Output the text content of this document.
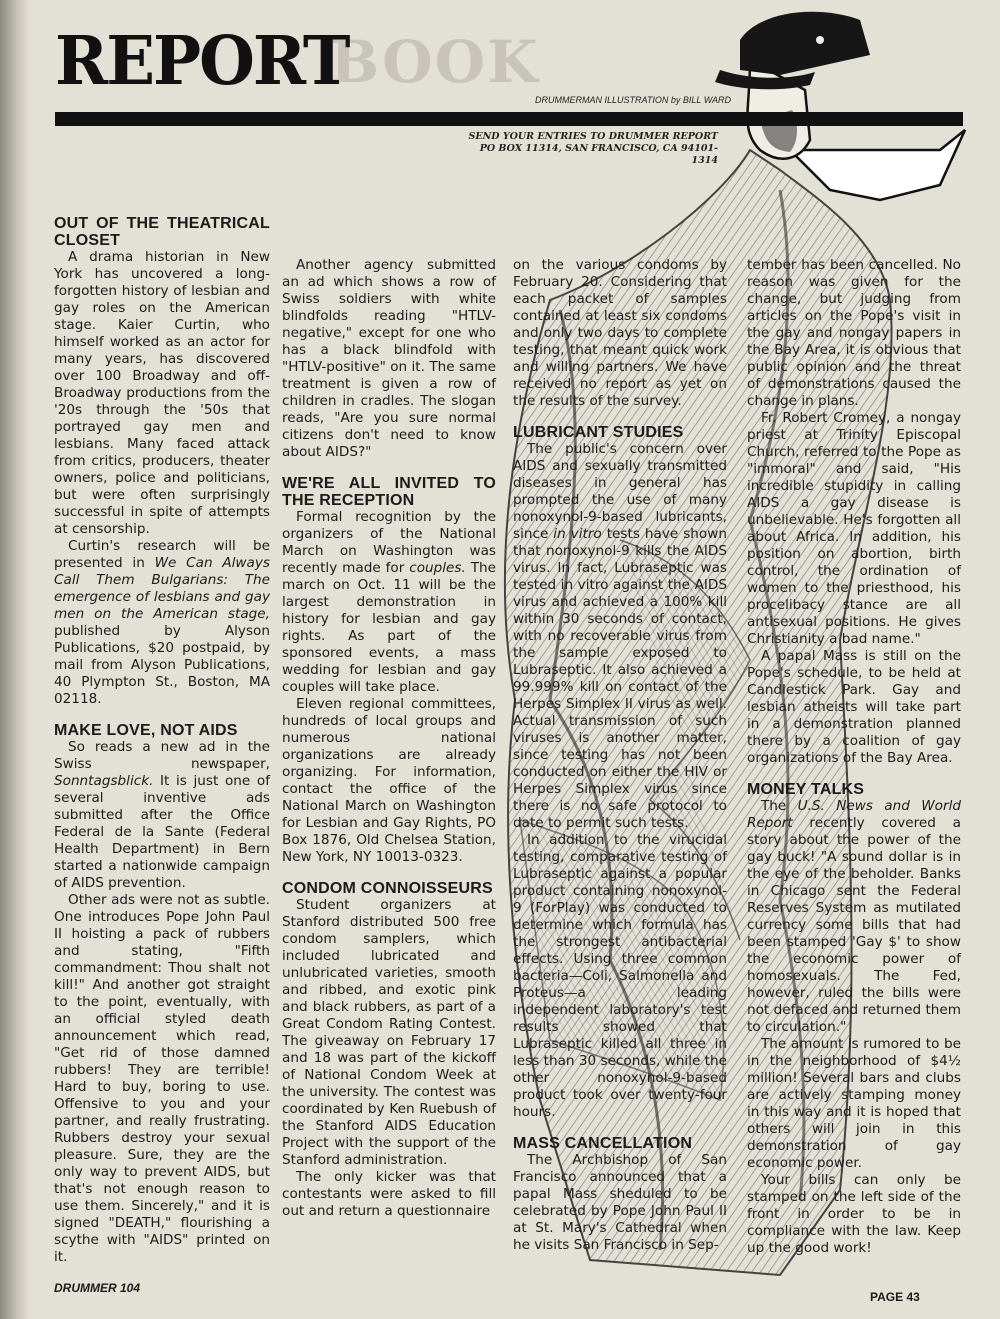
BOOK
REPORT	DRUMMERMAN ILLUSTRATION by BILL WARD
SEND YOUR ENTRIES TO DRUMMER REPORT
PO BOX 11314, SAN FRANCISCO, CA 94101-1314
OUT OF THE THEATRICAL CLOSET

A drama historian in New York has uncovered a long-forgotten history of lesbian and gay roles on the American stage. Kaier Curtin, who himself worked as an actor for many years, has discovered over 100 Broadway and off-Broadway productions from the '20s through the '50s that portrayed gay men and lesbians. Many faced attack from critics, producers, theater owners, police and politicians, but were often surprisingly successful in spite of attempts at censorship.

Curtin's research will be presented in We Can Always Call Them Bulgarians: The emergence of lesbians and gay men on the American stage, published by Alyson Publications, $20 postpaid, by mail from Alyson Publications, 40 Plympton St., Boston, MA 02118.

MAKE LOVE, NOT AIDS

So reads a new ad in the Swiss newspaper, Sonntagsblick. It is just one of several inventive ads submitted after the Office Federal de la Sante (Federal Health Department) in Bern started a nationwide campaign of AIDS prevention.

Other ads were not as subtle. One introduces Pope John Paul II hoisting a pack of rubbers and stating, "Fifth commandment: Thou shalt not kill!" And another got straight to the point, eventually, with an official styled death announcement which read, "Get rid of those damned rubbers! They are terrible! Hard to buy, boring to use. Offensive to you and your partner, and really frustrating. Rubbers destroy your sexual pleasure. Sure, they are the only way to prevent AIDS, but that's not enough reason to use them. Sincerely," and it is signed "DEATH," flourishing a scythe with "AIDS" printed on it.

Another agency submitted an ad which shows a row of Swiss soldiers with white blindfolds reading "HTLV-negative," except for one who has a black blindfold with "HTLV-positive" on it. The same treatment is given a row of children in cradles. The slogan reads, "Are you sure normal citizens don't need to know about AIDS?"

WE'RE ALL INVITED TO THE RECEPTION

Formal recognition by the organizers of the National March on Washington was recently made for couples. The march on Oct. 11 will be the largest demonstration in history for lesbian and gay rights. As part of the sponsored events, a mass wedding for lesbian and gay couples will take place.

Eleven regional committees, hundreds of local groups and numerous national organizations are already organizing. For information, contact the office of the National March on Washington for Lesbian and Gay Rights, PO Box 1876, Old Chelsea Station, New York, NY 10013-0323.

CONDOM CONNOISSEURS

Student organizers at Stanford distributed 500 free condom samplers, which included lubricated and unlubricated varieties, smooth and ribbed, and exotic pink and black rubbers, as part of a Great Condom Rating Contest. The giveaway on February 17 and 18 was part of the kickoff of National Condom Week at the university. The contest was coordinated by Ken Ruebush of the Stanford AIDS Education Project with the support of the Stanford administration.

The only kicker was that contestants were asked to fill out and return a questionnaire

on the various condoms by February 20. Considering that each packet of samples contained at least six condoms and only two days to complete testing, that meant quick work and willing partners. We have received no report as yet on the results of the survey.

LUBRICANT STUDIES

The public's concern over AIDS and sexually transmitted diseases in general has prompted the use of many nonoxynol-9-based lubricants, since in vitro tests have shown that nonoxynol-9 kills the AIDS virus. In fact, Lubraseptic was tested in vitro against the AIDS virus and achieved a 100% kill within 30 seconds of contact, with no recoverable virus from the sample exposed to Lubraseptic. It also achieved a 99.999% kill on contact of the Herpes Simplex II virus as well. Actual transmission of such viruses is another matter, since testing has not been conducted on either the HIV or Herpes Simplex virus since there is no safe protocol to date to permit such tests.

In addition to the virucidal testing, comparative testing of Lubraseptic against a popular product containing nonoxynol-9 (ForPlay) was conducted to determine which formula has the strongest antibacterial effects. Using three common bacteria—Coli, Salmonella and Proteus—a leading independent laboratory's test results showed that Lubraseptic killed all three in less than 30 seconds, while the other nonoxynol-9-based product took over twenty-four hours.

MASS CANCELLATION

The Archbishop of San Francisco announced that a papal Mass sheduled to be celebrated by Pope John Paul II at St. Mary's Cathedral when he visits San Francisco in Sep-

tember has been cancelled. No reason was given for the change, but judging from articles on the Pope's visit in the gay and nongay papers in the Bay Area, it is obvious that public opinion and the threat of demonstrations caused the change in plans.

Fr. Robert Cromey, a nongay priest at Trinity Episcopal Church, referred to the Pope as "immoral" and said, "His incredible stupidity in calling AIDS a gay disease is unbelievable. He's forgotten all about Africa. In addition, his position on abortion, birth control, the ordination of women to the priesthood, his procelibacy stance are all antisexual positions. He gives Christianity a bad name."

A papal Mass is still on the Pope's schedule, to be held at Candlestick Park. Gay and lesbian atheists will take part in a demonstration planned there by a coalition of gay organizations of the Bay Area.

MONEY TALKS

The U.S. News and World Report recently covered a story about the power of the gay buck! "A sound dollar is in the eye of the beholder. Banks in Chicago sent the Federal Reserves System as mutilated currency some bills that had been stamped 'Gay $' to show the economic power of homosexuals. The Fed, however, ruled the bills were not defaced and returned them to circulation."

The amount is rumored to be in the neighborhood of $4½ million! Several bars and clubs are actively stamping money in this way and it is hoped that others will join in this demonstration of gay economic power.

Your bills can only be stamped on the left side of the front in order to be in compliance with the law. Keep up the good work!

DRUMMER 104
PAGE 43
